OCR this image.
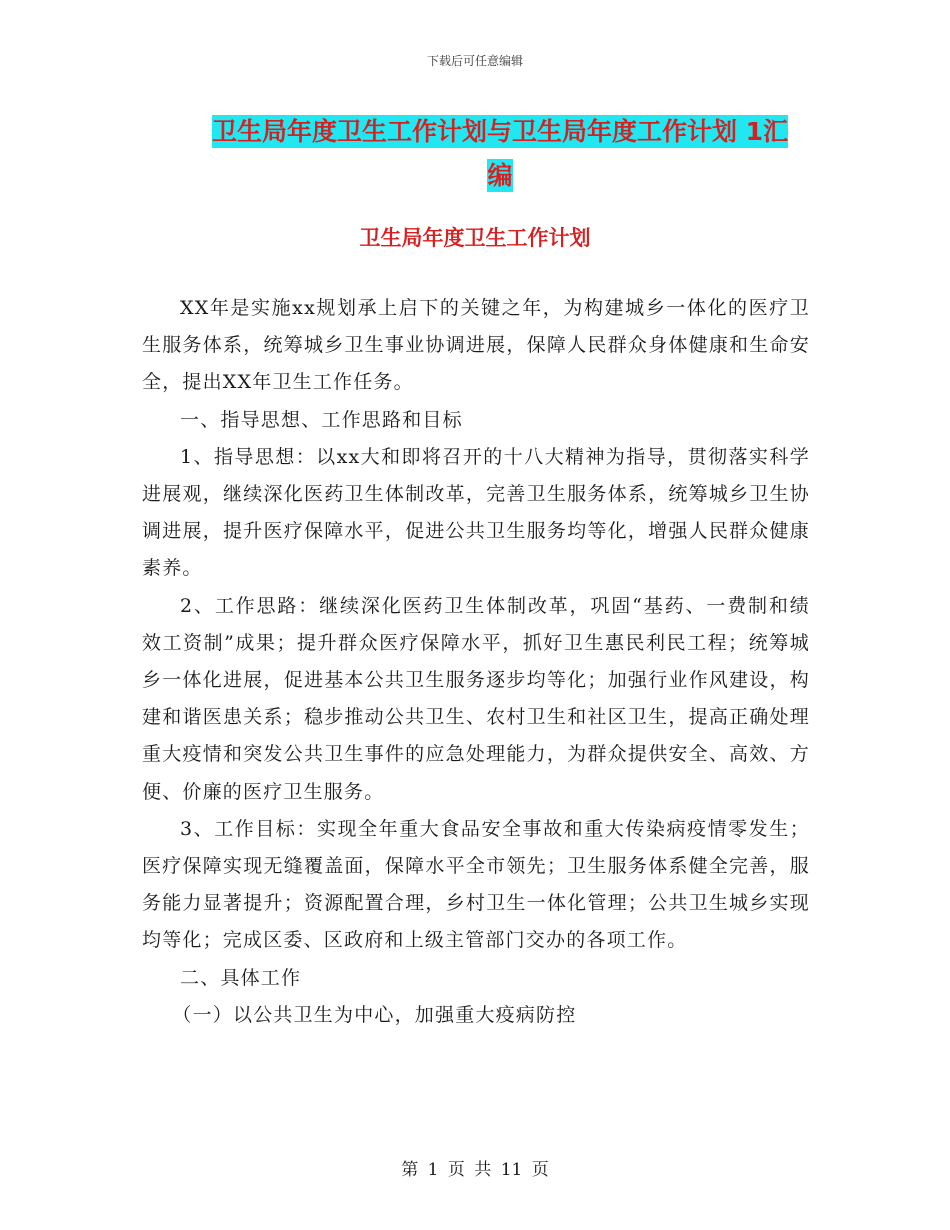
下载后可任意编辑
卫生局年度卫生工作计划与卫生局年度工作计划 1汇
编
卫生局年度卫生工作计划

XX年是实施xx规划承上启下的关键之年，为构建城乡一体化的医疗卫生服务体系，统筹城乡卫生事业协调进展，保障人民群众身体健康和生命安全，提出XX年卫生工作任务。

一、指导思想、工作思路和目标

1、指导思想：以xx大和即将召开的十八大精神为指导，贯彻落实科学进展观，继续深化医药卫生体制改革，完善卫生服务体系，统筹城乡卫生协调进展，提升医疗保障水平，促进公共卫生服务均等化，增强人民群众健康素养。

2、工作思路：继续深化医药卫生体制改革，巩固“基药、一费制和绩效工资制”成果；提升群众医疗保障水平，抓好卫生惠民利民工程；统筹城乡一体化进展，促进基本公共卫生服务逐步均等化；加强行业作风建设，构建和谐医患关系；稳步推动公共卫生、农村卫生和社区卫生，提高正确处理重大疫情和突发公共卫生事件的应急处理能力，为群众提供安全、高效、方便、价廉的医疗卫生服务。

3、工作目标：实现全年重大食品安全事故和重大传染病疫情零发生；医疗保障实现无缝覆盖面，保障水平全市领先；卫生服务体系健全完善，服务能力显著提升；资源配置合理，乡村卫生一体化管理；公共卫生城乡实现均等化；完成区委、区政府和上级主管部门交办的各项工作。

二、具体工作

（一）以公共卫生为中心，加强重大疫病防控

第 1 页 共 11 页
